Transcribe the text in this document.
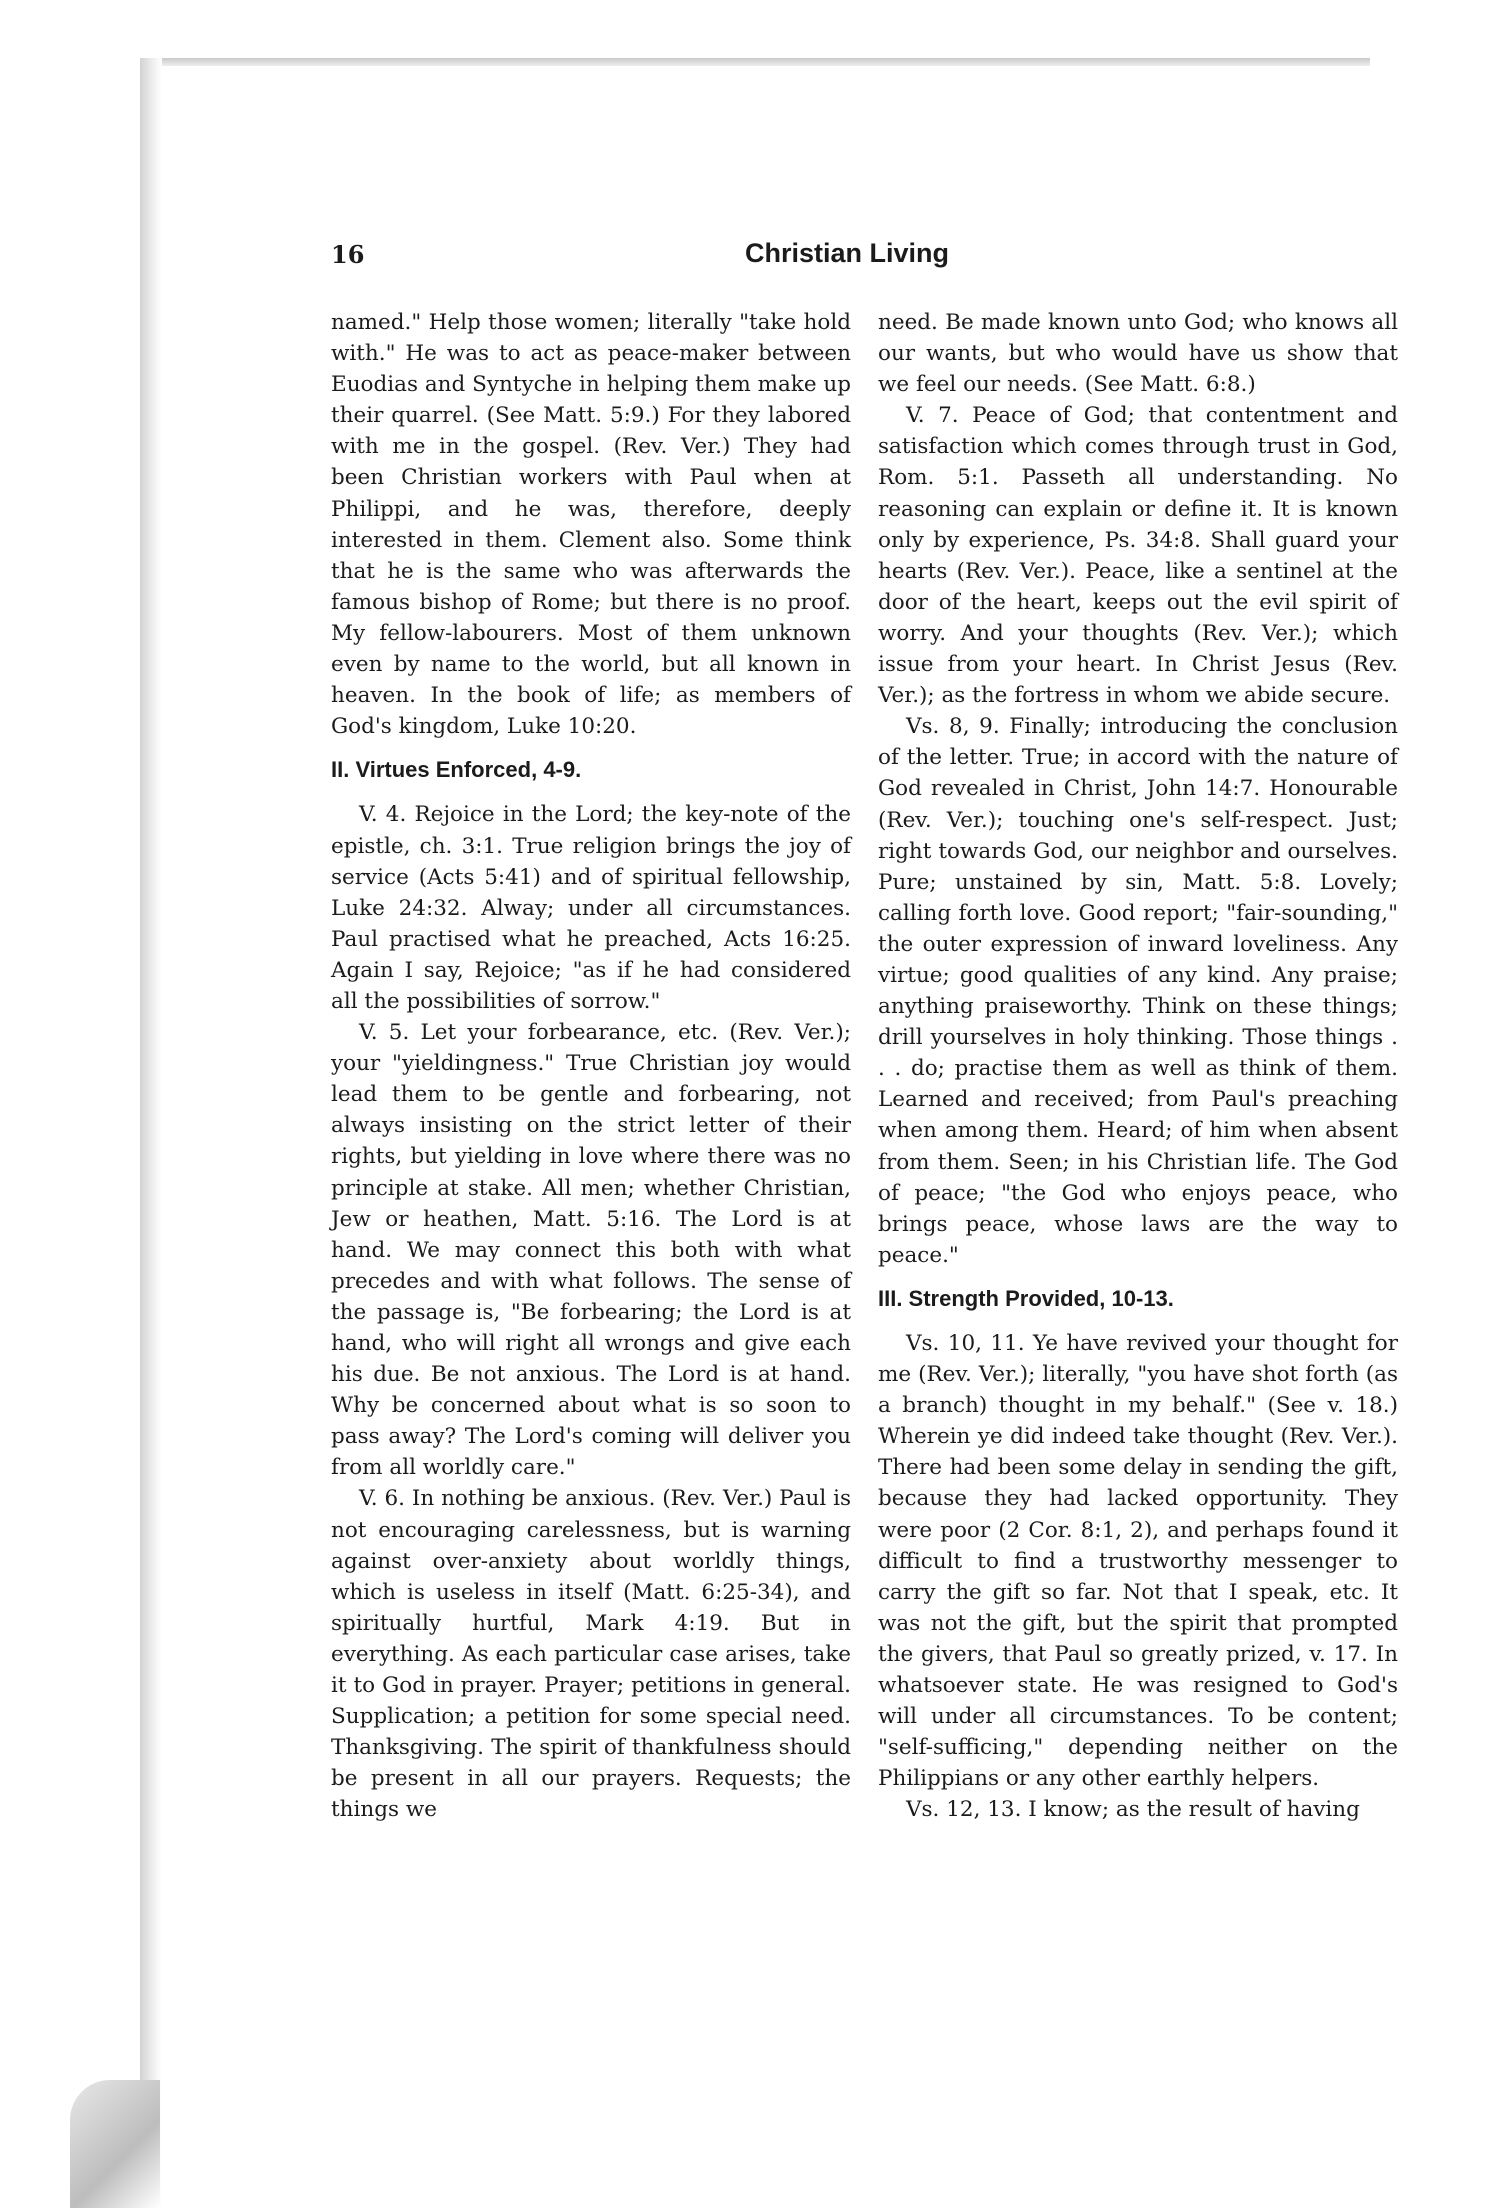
16	Christian Living

named." Help those women; literally "take hold with." He was to act as peace-maker between Euodias and Syntyche in helping them make up their quarrel. (See Matt. 5:9.) For they labored with me in the gospel. (Rev. Ver.) They had been Christian workers with Paul when at Philippi, and he was, therefore, deeply interested in them. Clement also. Some think that he is the same who was afterwards the famous bishop of Rome; but there is no proof. My fellow-labourers. Most of them unknown even by name to the world, but all known in heaven. In the book of life; as members of God's kingdom, Luke 10:20.

II. Virtues Enforced, 4-9.

V. 4. Rejoice in the Lord; the key-note of the epistle, ch. 3:1. True religion brings the joy of service (Acts 5:41) and of spiritual fellowship, Luke 24:32. Alway; under all circumstances. Paul practised what he preached, Acts 16:25. Again I say, Rejoice; "as if he had considered all the possibilities of sorrow."

V. 5. Let your forbearance, etc. (Rev. Ver.); your "yieldingness." True Christian joy would lead them to be gentle and forbearing, not always insisting on the strict letter of their rights, but yielding in love where there was no principle at stake. All men; whether Christian, Jew or heathen, Matt. 5:16. The Lord is at hand. We may connect this both with what precedes and with what follows. The sense of the passage is, "Be forbearing; the Lord is at hand, who will right all wrongs and give each his due. Be not anxious. The Lord is at hand. Why be concerned about what is so soon to pass away? The Lord's coming will deliver you from all worldly care."

V. 6. In nothing be anxious. (Rev. Ver.) Paul is not encouraging carelessness, but is warning against over-anxiety about worldly things, which is useless in itself (Matt. 6:25-34), and spiritually hurtful, Mark 4:19. But in everything. As each particular case arises, take it to God in prayer. Prayer; petitions in general. Supplication; a petition for some special need. Thanksgiving. The spirit of thankfulness should be present in all our prayers. Requests; the things we

need. Be made known unto God; who knows all our wants, but who would have us show that we feel our needs. (See Matt. 6:8.)

V. 7. Peace of God; that contentment and satisfaction which comes through trust in God, Rom. 5:1. Passeth all understanding. No reasoning can explain or define it. It is known only by experience, Ps. 34:8. Shall guard your hearts (Rev. Ver.). Peace, like a sentinel at the door of the heart, keeps out the evil spirit of worry. And your thoughts (Rev. Ver.); which issue from your heart. In Christ Jesus (Rev. Ver.); as the fortress in whom we abide secure.

Vs. 8, 9. Finally; introducing the conclusion of the letter. True; in accord with the nature of God revealed in Christ, John 14:7. Honourable (Rev. Ver.); touching one's self-respect. Just; right towards God, our neighbor and ourselves. Pure; unstained by sin, Matt. 5:8. Lovely; calling forth love. Good report; "fair-sounding," the outer expression of inward loveliness. Any virtue; good qualities of any kind. Any praise; anything praiseworthy. Think on these things; drill yourselves in holy thinking. Those things . . . do; practise them as well as think of them. Learned and received; from Paul's preaching when among them. Heard; of him when absent from them. Seen; in his Christian life. The God of peace; "the God who enjoys peace, who brings peace, whose laws are the way to peace."

III. Strength Provided, 10-13.

Vs. 10, 11. Ye have revived your thought for me (Rev. Ver.); literally, "you have shot forth (as a branch) thought in my behalf." (See v. 18.) Wherein ye did indeed take thought (Rev. Ver.). There had been some delay in sending the gift, because they had lacked opportunity. They were poor (2 Cor. 8:1, 2), and perhaps found it difficult to find a trustworthy messenger to carry the gift so far. Not that I speak, etc. It was not the gift, but the spirit that prompted the givers, that Paul so greatly prized, v. 17. In whatsoever state. He was resigned to God's will under all circumstances. To be content; "self-sufficing," depending neither on the Philippians or any other earthly helpers.

Vs. 12, 13. I know; as the result of having
